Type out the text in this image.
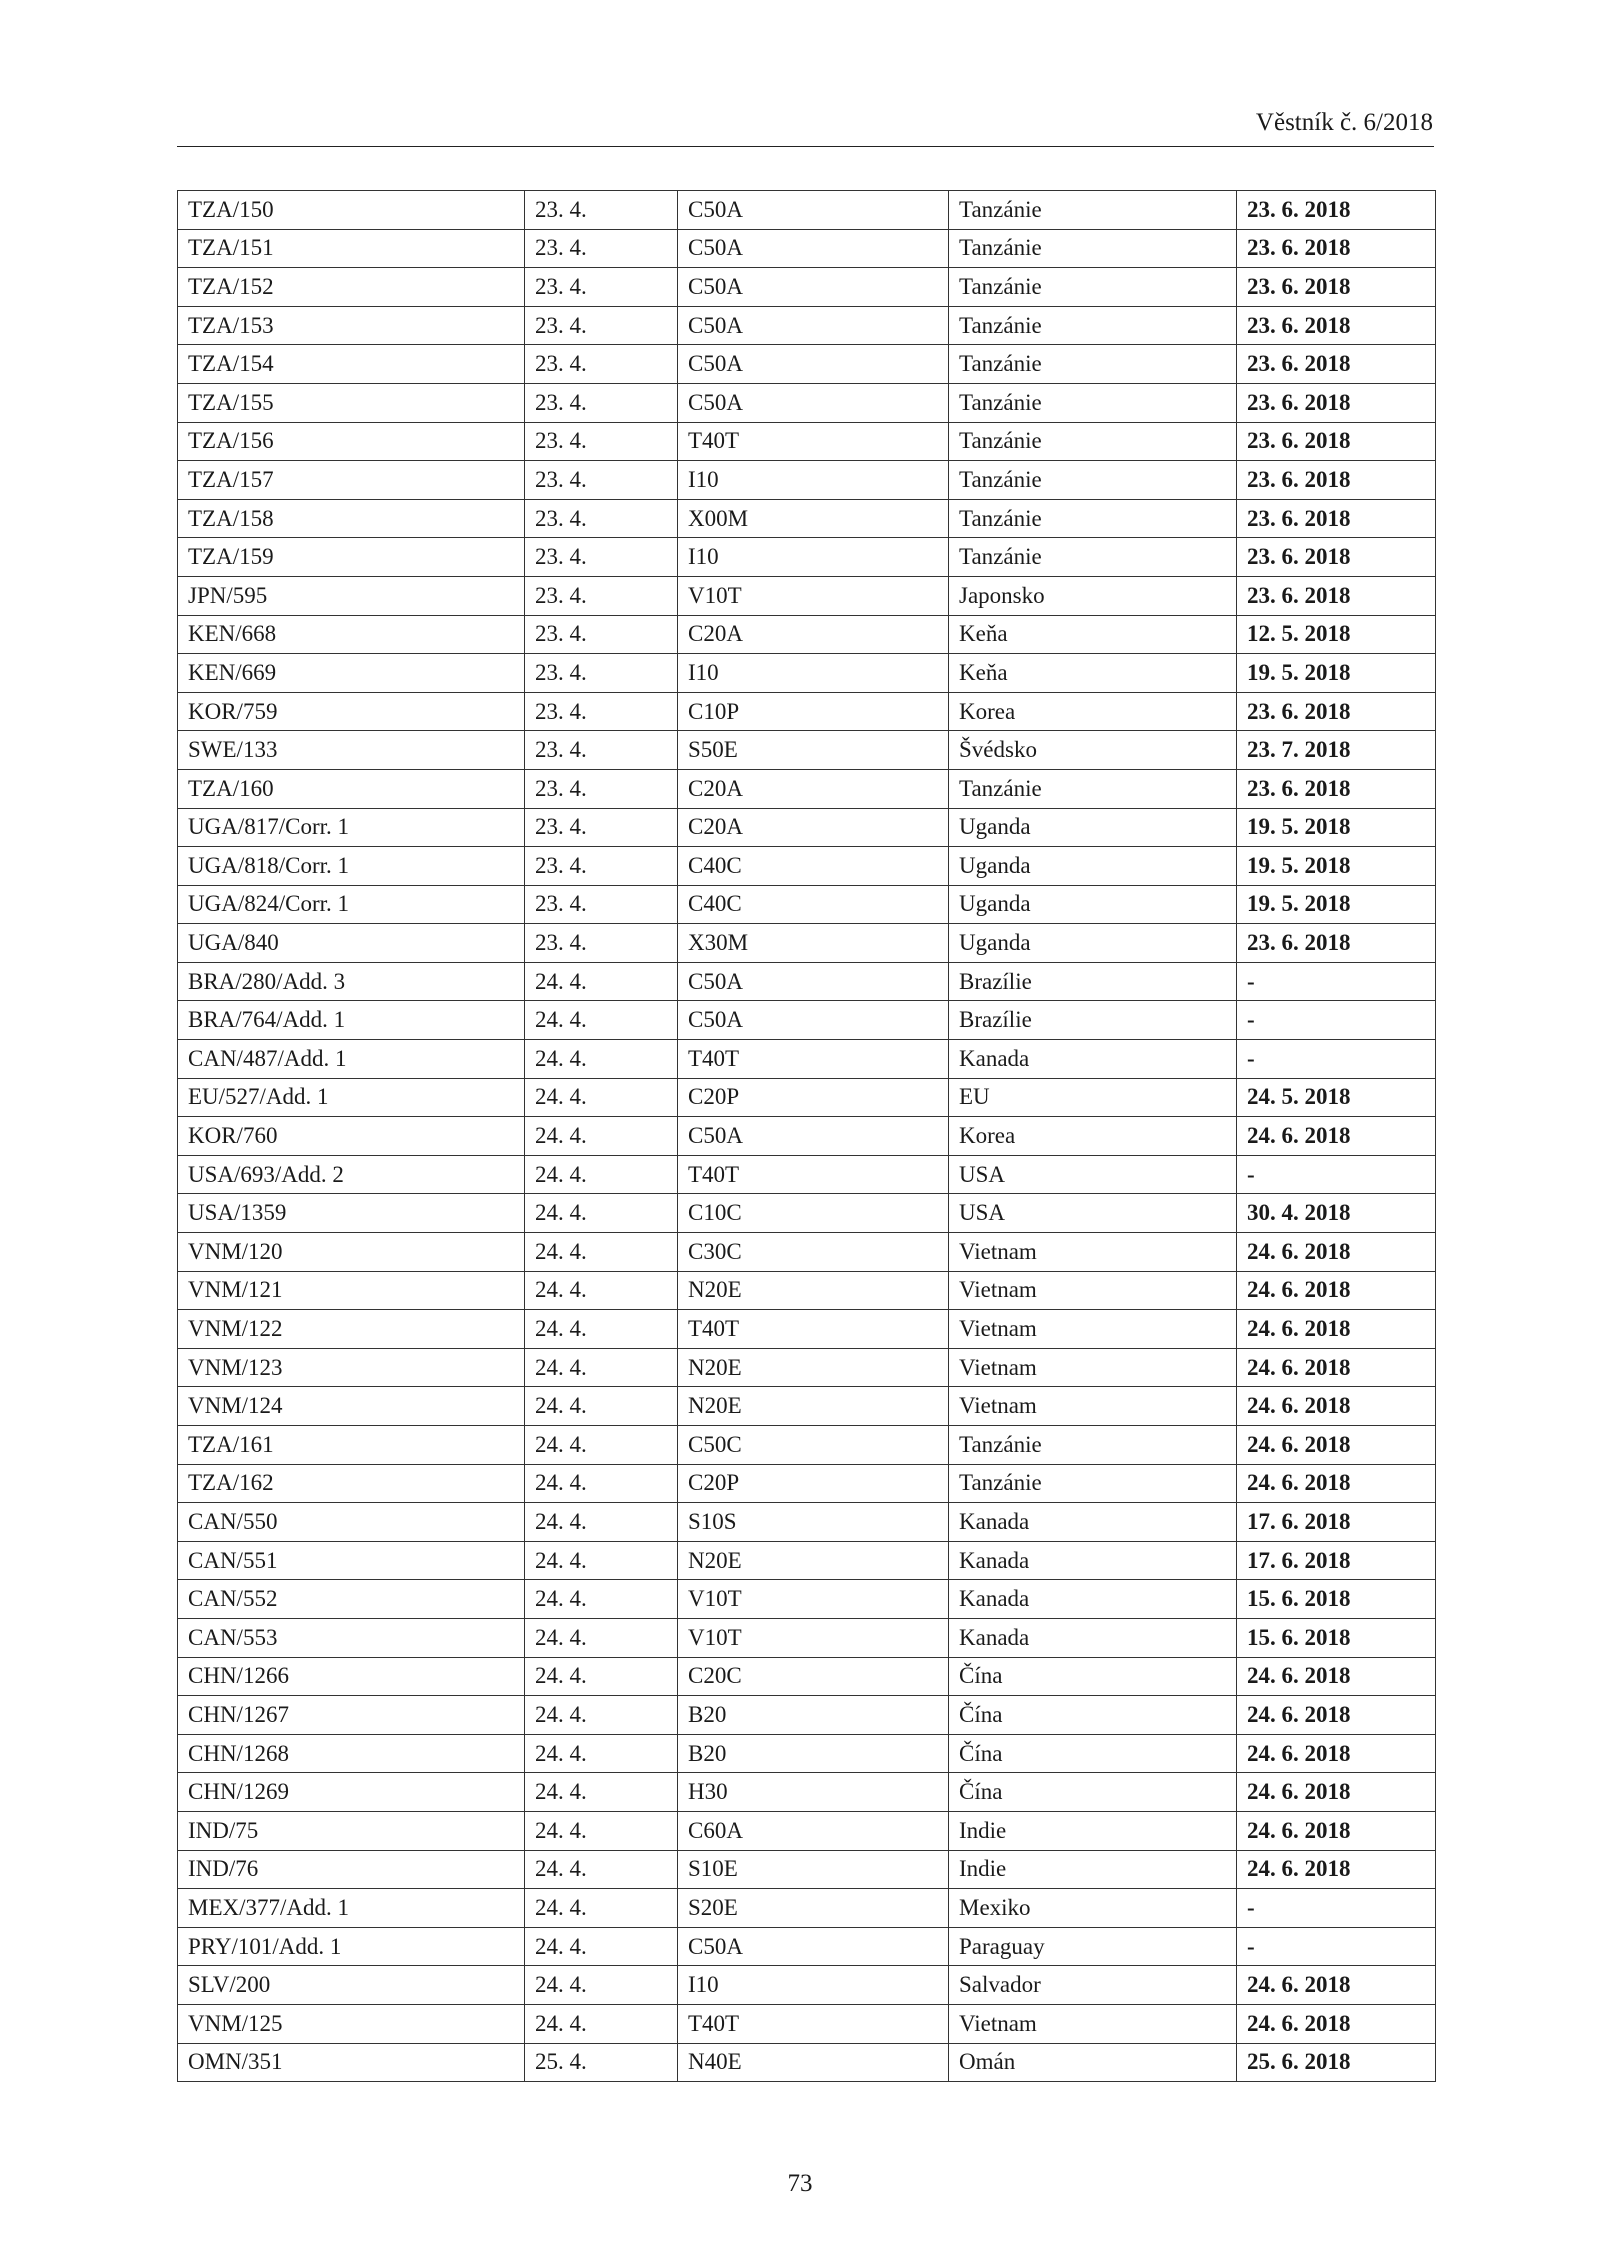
Věstník č. 6/2018
TZA/150	23. 4.	C50A	Tanzánie	23. 6. 2018
TZA/151	23. 4.	C50A	Tanzánie	23. 6. 2018
TZA/152	23. 4.	C50A	Tanzánie	23. 6. 2018
TZA/153	23. 4.	C50A	Tanzánie	23. 6. 2018
TZA/154	23. 4.	C50A	Tanzánie	23. 6. 2018
TZA/155	23. 4.	C50A	Tanzánie	23. 6. 2018
TZA/156	23. 4.	T40T	Tanzánie	23. 6. 2018
TZA/157	23. 4.	I10	Tanzánie	23. 6. 2018
TZA/158	23. 4.	X00M	Tanzánie	23. 6. 2018
TZA/159	23. 4.	I10	Tanzánie	23. 6. 2018
JPN/595	23. 4.	V10T	Japonsko	23. 6. 2018
KEN/668	23. 4.	C20A	Keňa	12. 5. 2018
KEN/669	23. 4.	I10	Keňa	19. 5. 2018
KOR/759	23. 4.	C10P	Korea	23. 6. 2018
SWE/133	23. 4.	S50E	Švédsko	23. 7. 2018
TZA/160	23. 4.	C20A	Tanzánie	23. 6. 2018
UGA/817/Corr. 1	23. 4.	C20A	Uganda	19. 5. 2018
UGA/818/Corr. 1	23. 4.	C40C	Uganda	19. 5. 2018
UGA/824/Corr. 1	23. 4.	C40C	Uganda	19. 5. 2018
UGA/840	23. 4.	X30M	Uganda	23. 6. 2018
BRA/280/Add. 3	24. 4.	C50A	Brazílie	-
BRA/764/Add. 1	24. 4.	C50A	Brazílie	-
CAN/487/Add. 1	24. 4.	T40T	Kanada	-
EU/527/Add. 1	24. 4.	C20P	EU	24. 5. 2018
KOR/760	24. 4.	C50A	Korea	24. 6. 2018
USA/693/Add. 2	24. 4.	T40T	USA	-
USA/1359	24. 4.	C10C	USA	30. 4. 2018
VNM/120	24. 4.	C30C	Vietnam	24. 6. 2018
VNM/121	24. 4.	N20E	Vietnam	24. 6. 2018
VNM/122	24. 4.	T40T	Vietnam	24. 6. 2018
VNM/123	24. 4.	N20E	Vietnam	24. 6. 2018
VNM/124	24. 4.	N20E	Vietnam	24. 6. 2018
TZA/161	24. 4.	C50C	Tanzánie	24. 6. 2018
TZA/162	24. 4.	C20P	Tanzánie	24. 6. 2018
CAN/550	24. 4.	S10S	Kanada	17. 6. 2018
CAN/551	24. 4.	N20E	Kanada	17. 6. 2018
CAN/552	24. 4.	V10T	Kanada	15. 6. 2018
CAN/553	24. 4.	V10T	Kanada	15. 6. 2018
CHN/1266	24. 4.	C20C	Čína	24. 6. 2018
CHN/1267	24. 4.	B20	Čína	24. 6. 2018
CHN/1268	24. 4.	B20	Čína	24. 6. 2018
CHN/1269	24. 4.	H30	Čína	24. 6. 2018
IND/75	24. 4.	C60A	Indie	24. 6. 2018
IND/76	24. 4.	S10E	Indie	24. 6. 2018
MEX/377/Add. 1	24. 4.	S20E	Mexiko	-
PRY/101/Add. 1	24. 4.	C50A	Paraguay	-
SLV/200	24. 4.	I10	Salvador	24. 6. 2018
VNM/125	24. 4.	T40T	Vietnam	24. 6. 2018
OMN/351	25. 4.	N40E	Omán	25. 6. 2018
73
